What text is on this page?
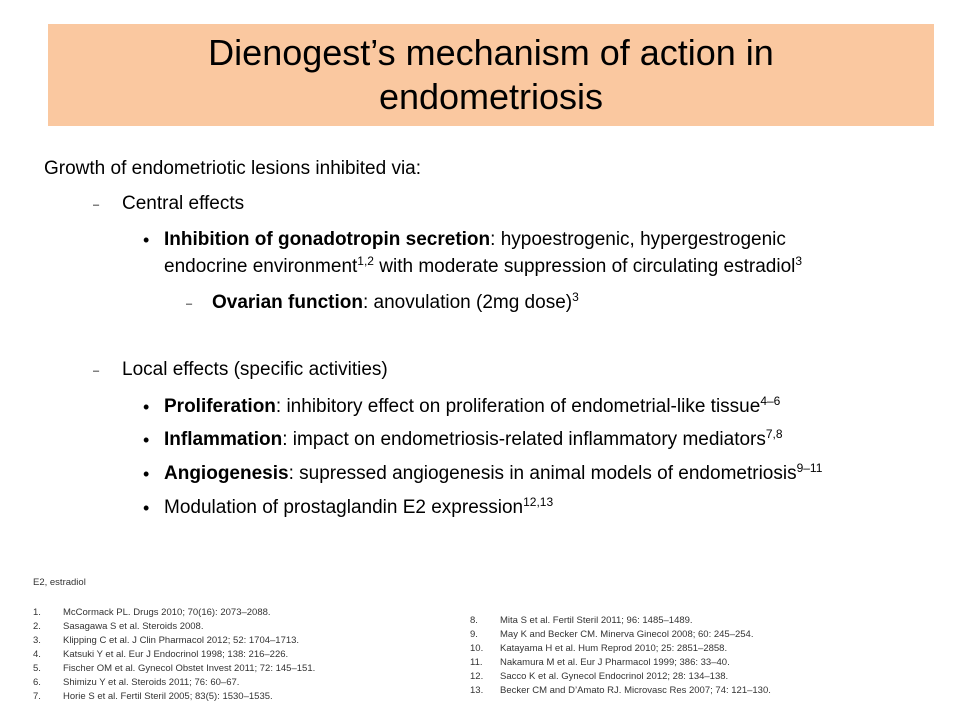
Dienogest’s mechanism of action in endometriosis
Growth of endometriotic lesions inhibited via:
– Central effects
• Inhibition of gonadotropin secretion: hypoestrogenic, hypergestrogenic
endocrine environment$^{1,2}$ with moderate suppression of circulating estradiol$^3$
– Ovarian function: anovulation (2mg dose)$^3$
– Local effects (specific activities)
• Proliferation: inhibitory effect on proliferation of endometrial-like tissue$^{4-6}$
• Inflammation: impact on endometriosis-related inflammatory mediators$^{7,8}$
• Angiogenesis: supressed angiogenesis in animal models of endometriosis$^{9-11}$
• Modulation of prostaglandin E2 expression$^{12,13}$
E2, estradiol
1. McCormack PL. Drugs 2010; 70(16): 2073–2088.
2. Sasagawa S et al. Steroids 2008.
3. Klipping C et al. J Clin Pharmacol 2012; 52: 1704–1713.
4. Katsuki Y et al. Eur J Endocrinol 1998; 138: 216–226.
5. Fischer OM et al. Gynecol Obstet Invest 2011; 72: 145–151.
6. Shimizu Y et al. Steroids 2011; 76: 60–67.
7. Horie S et al. Fertil Steril 2005; 83(5): 1530–1535.
8. Mita S et al. Fertil Steril 2011; 96: 1485–1489.
9. May K and Becker CM. Minerva Ginecol 2008; 60: 245–254.
10. Katayama H et al. Hum Reprod 2010; 25: 2851–2858.
11. Nakamura M et al. Eur J Pharmacol 1999; 386: 33–40.
12. Sacco K et al. Gynecol Endocrinol 2012; 28: 134–138.
13. Becker CM and D’Amato RJ. Microvasc Res 2007; 74: 121–130.
